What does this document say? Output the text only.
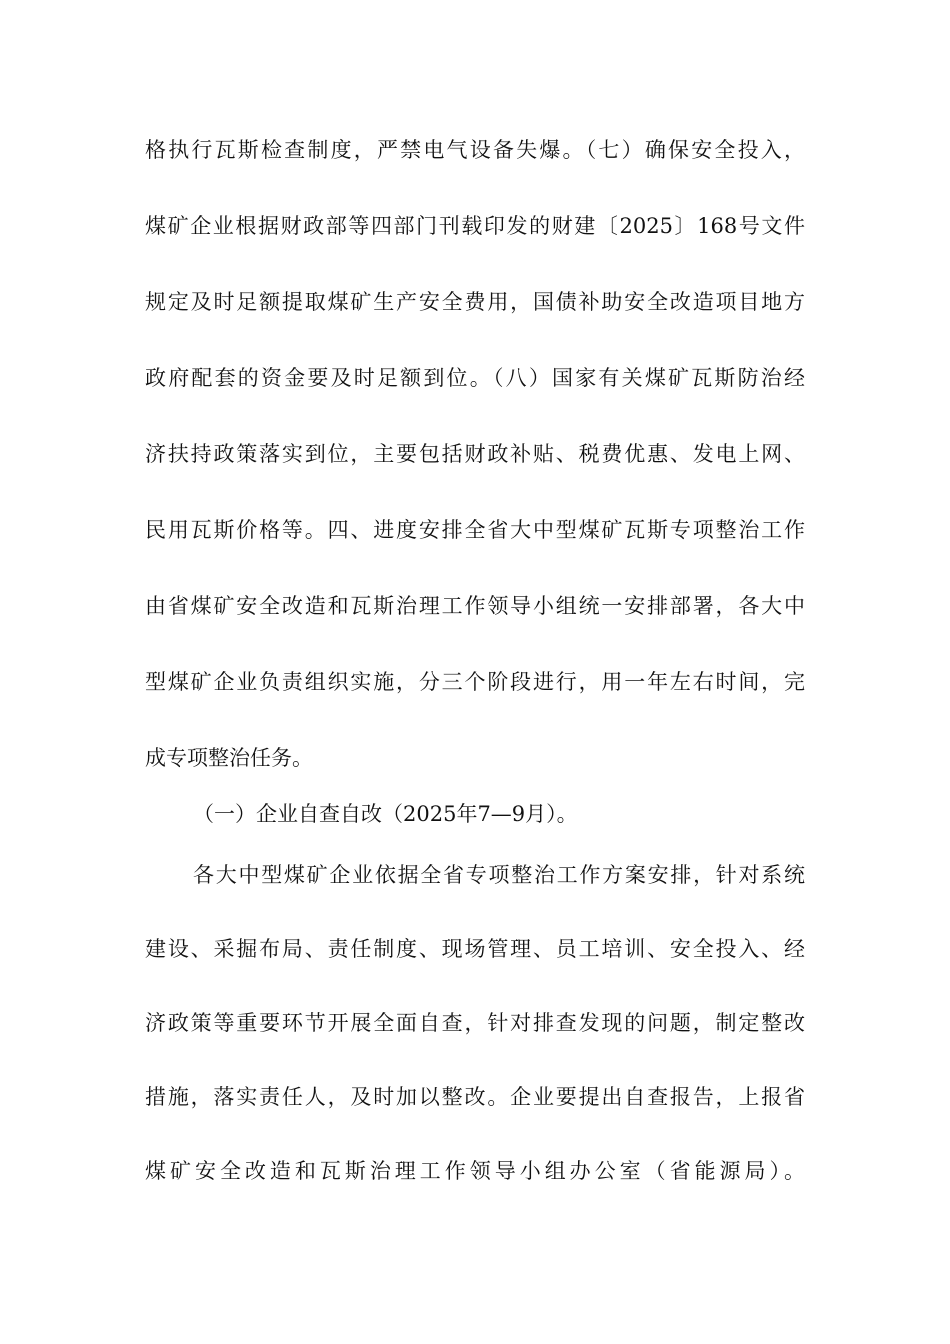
格执行瓦斯检查制度，严禁电气设备失爆。（七）确保安全投入，
煤矿企业根据财政部等四部门刊载印发的财建〔2025〕168号文件
规定及时足额提取煤矿生产安全费用，国债补助安全改造项目地方
政府配套的资金要及时足额到位。（八）国家有关煤矿瓦斯防治经
济扶持政策落实到位，主要包括财政补贴、税费优惠、发电上网、
民用瓦斯价格等。四、进度安排全省大中型煤矿瓦斯专项整治工作
由省煤矿安全改造和瓦斯治理工作领导小组统一安排部署，各大中
型煤矿企业负责组织实施，分三个阶段进行，用一年左右时间，完
成专项整治任务。
（一）企业自查自改（2025年7—9月）。
各大中型煤矿企业依据全省专项整治工作方案安排，针对系统
建设、采掘布局、责任制度、现场管理、员工培训、安全投入、经
济政策等重要环节开展全面自查，针对排查发现的问题，制定整改
措施，落实责任人，及时加以整改。企业要提出自查报告，上报省
煤矿安全改造和瓦斯治理工作领导小组办公室（省能源局）。
